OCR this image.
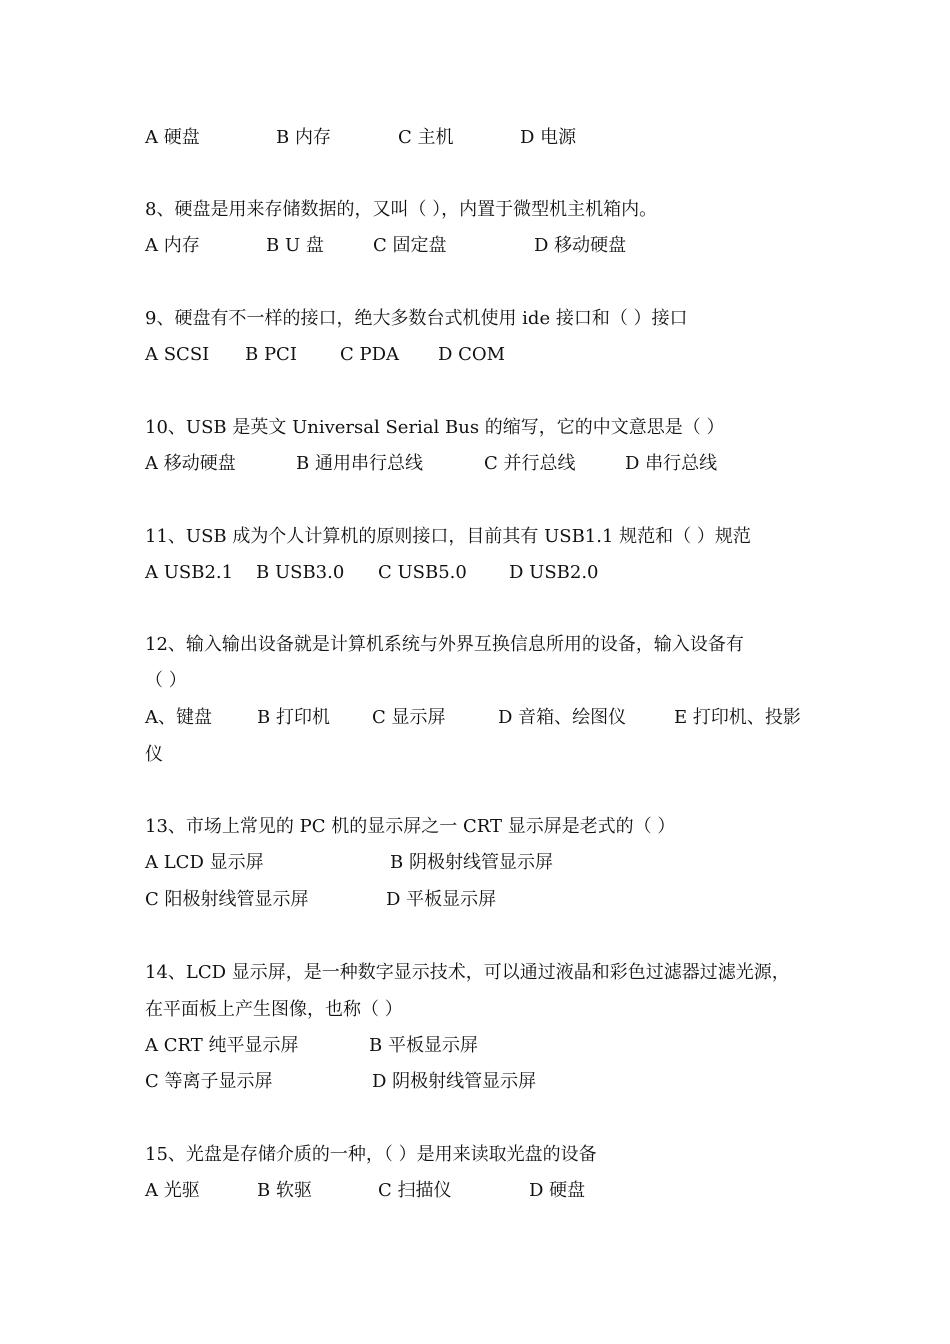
A 硬盘	B 内存	C 主机	D 电源
8、硬盘是用来存储数据的，又叫（ ），内置于微型机主机箱内。
A 内存	B U 盘	C 固定盘	D 移动硬盘
9、硬盘有不一样的接口，绝大多数台式机使用 ide 接口和（ ）接口
A SCSI B PCI C PDA D COM
10、USB 是英文 Universal Serial Bus 的缩写，它的中文意思是（ ）
A 移动硬盘	B 通用串行总线	C 并行总线	D 串行总线
11、USB 成为个人计算机的原则接口，目前其有 USB1.1 规范和（ ）规范
A USB2.1 B USB3.0 C USB5.0 D USB2.0
12、输入输出设备就是计算机系统与外界互换信息所用的设备，输入设备有
（ ）
A、键盘	B 打印机 C 显示屏	D 音箱、绘图仪	E 打印机、投影
仪
13、市场上常见的 PC 机的显示屏之一 CRT 显示屏是老式的（ ）
A LCD 显示屏	B 阴极射线管显示屏
C 阳极射线管显示屏	D 平板显示屏
14、LCD 显示屏，是一种数字显示技术，可以通过液晶和彩色过滤器过滤光源，
在平面板上产生图像，也称（ ）
A CRT 纯平显示屏	B 平板显示屏
C 等离子显示屏	D 阴极射线管显示屏
15、光盘是存储介质的一种，（ ）是用来读取光盘的设备
A 光驱	B 软驱	C 扫描仪	D 硬盘
